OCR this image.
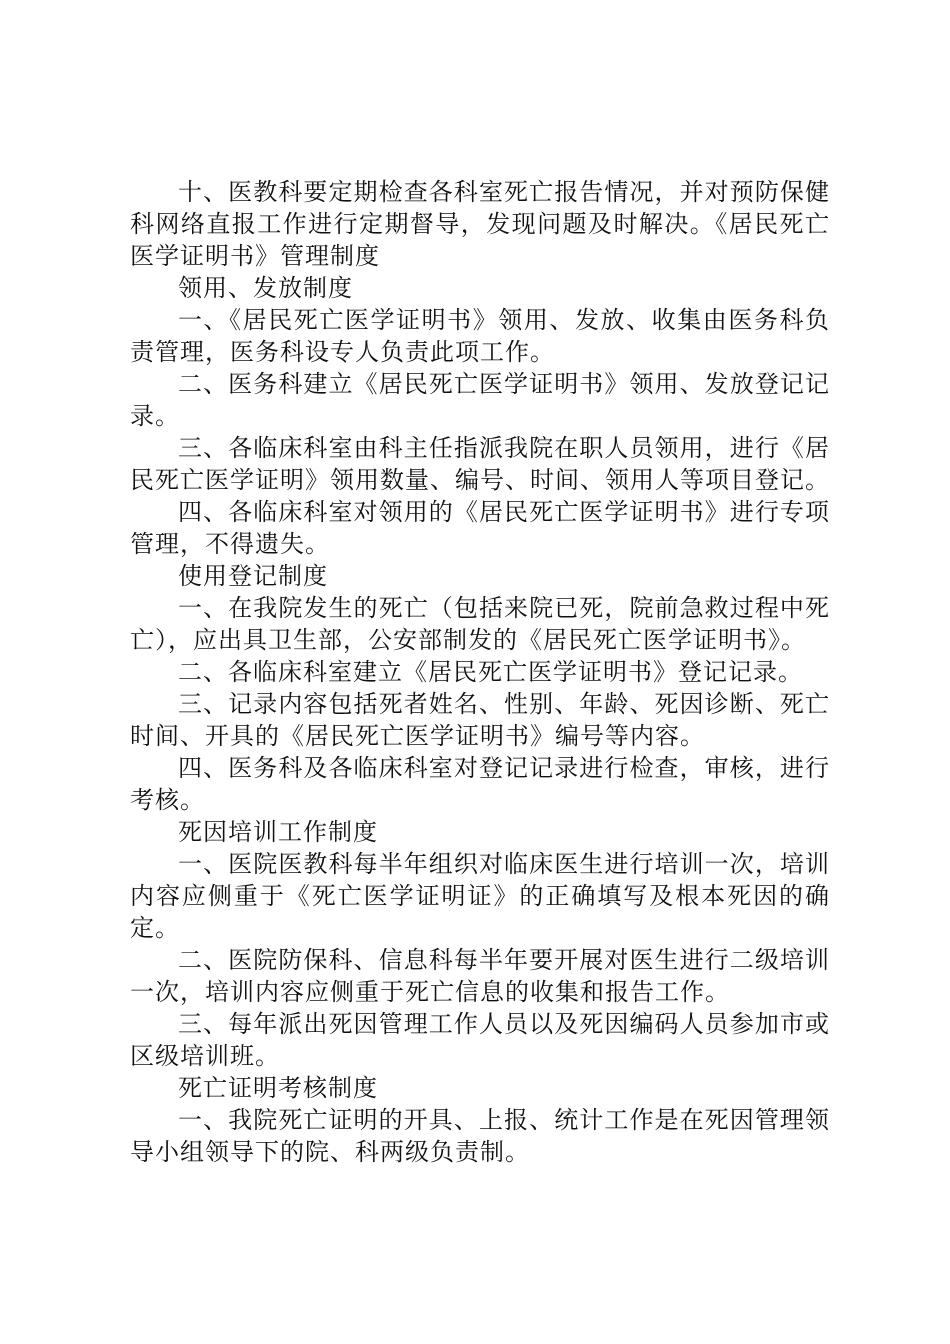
十、医教科要定期检查各科室死亡报告情况，并对预防保健科网络直报工作进行定期督导，发现问题及时解决。《居民死亡医学证明书》管理制度

领用、发放制度

一、《居民死亡医学证明书》领用、发放、收集由医务科负责管理，医务科设专人负责此项工作。

二、医务科建立《居民死亡医学证明书》领用、发放登记记录。

三、各临床科室由科主任指派我院在职人员领用，进行《居民死亡医学证明》领用数量、编号、时间、领用人等项目登记。

四、各临床科室对领用的《居民死亡医学证明书》进行专项管理，不得遗失。

使用登记制度

一、在我院发生的死亡（包括来院已死，院前急救过程中死亡），应出具卫生部，公安部制发的《居民死亡医学证明书》。

二、各临床科室建立《居民死亡医学证明书》登记记录。

三、记录内容包括死者姓名、性别、年龄、死因诊断、死亡时间、开具的《居民死亡医学证明书》编号等内容。

四、医务科及各临床科室对登记记录进行检查，审核，进行考核。

死因培训工作制度

一、医院医教科每半年组织对临床医生进行培训一次，培训内容应侧重于《死亡医学证明证》的正确填写及根本死因的确定。

二、医院防保科、信息科每半年要开展对医生进行二级培训一次，培训内容应侧重于死亡信息的收集和报告工作。

三、每年派出死因管理工作人员以及死因编码人员参加市或区级培训班。

死亡证明考核制度

一、我院死亡证明的开具、上报、统计工作是在死因管理领导小组领导下的院、科两级负责制。
